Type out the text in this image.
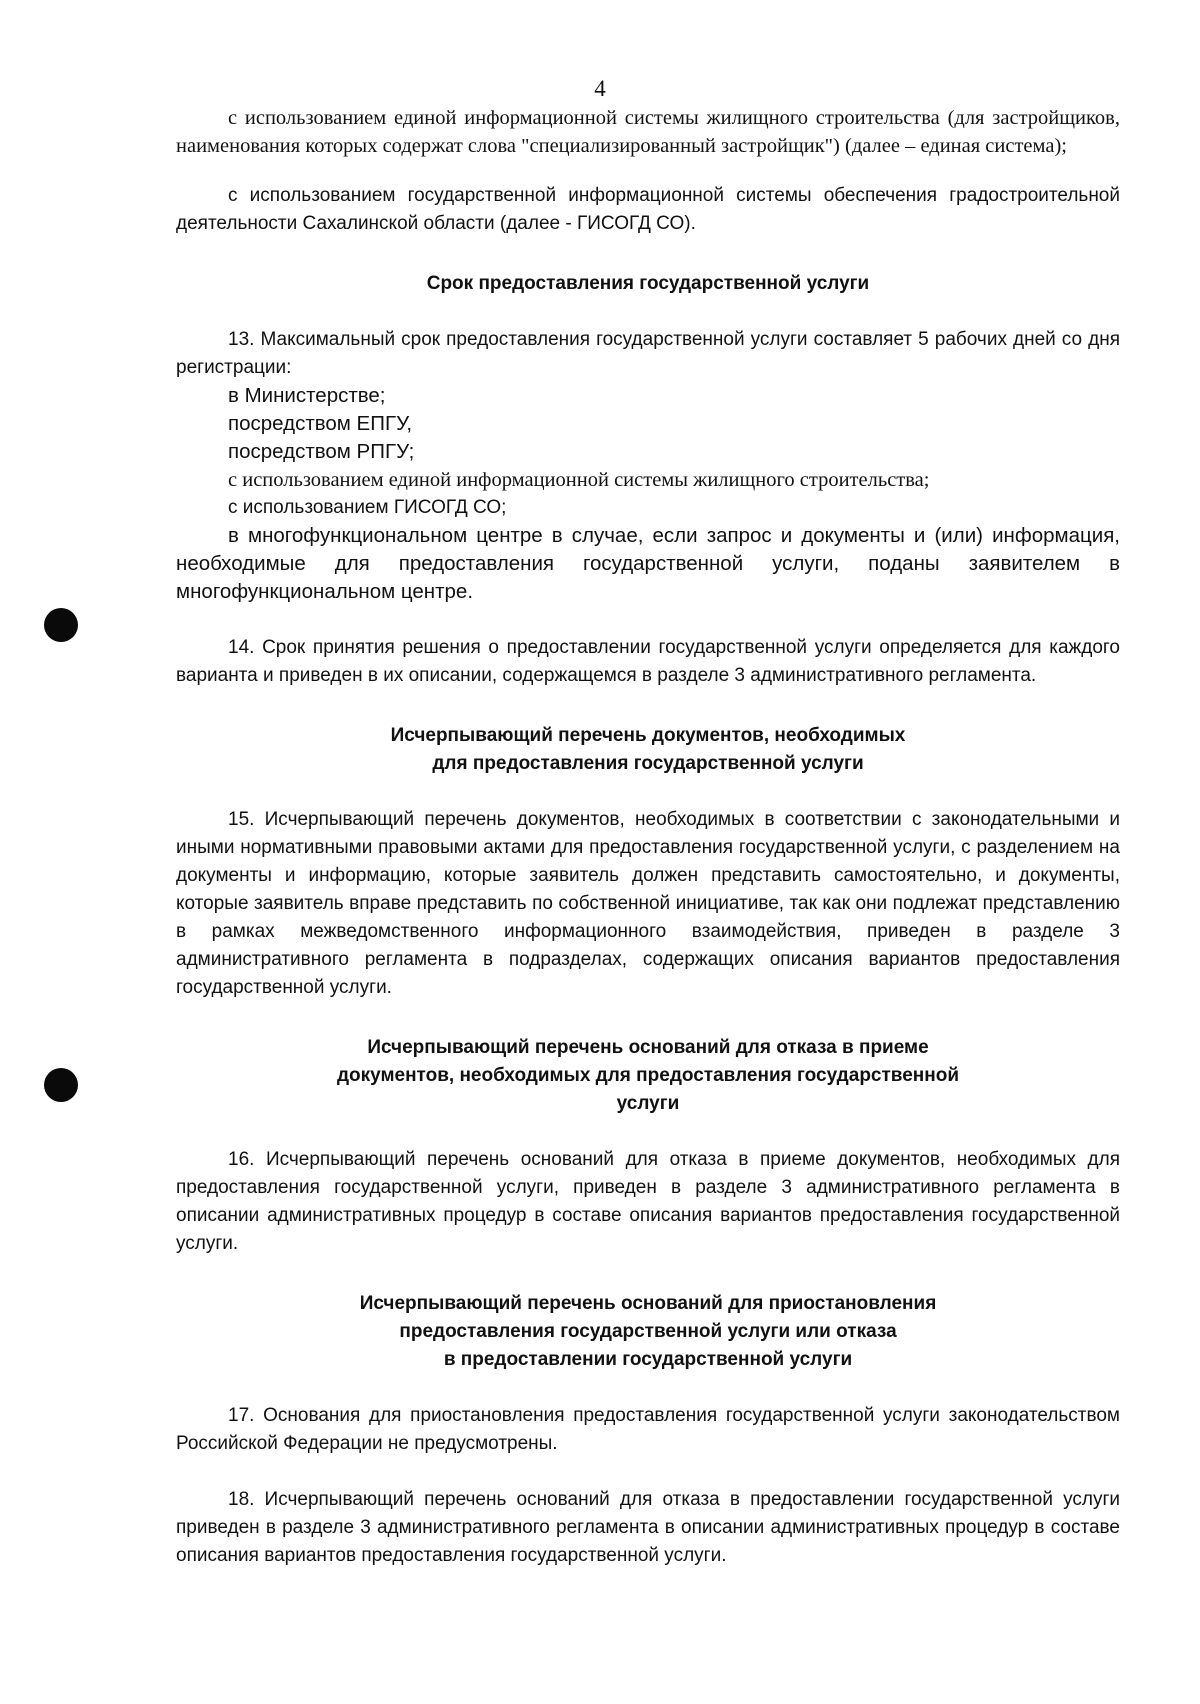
4

с использованием единой информационной системы жилищного строительства (для застройщиков, наименования которых содержат слова "специализированный застройщик") (далее – единая система);

с использованием государственной информационной системы обеспечения градостроительной деятельности Сахалинской области (далее - ГИСОГД СО).

Срок предоставления государственной услуги

13. Максимальный срок предоставления государственной услуги составляет 5 рабочих дней со дня регистрации:

в Министерстве;

посредством ЕПГУ,

посредством РПГУ;

с использованием единой информационной системы жилищного строительства;

с использованием ГИСОГД СО;

в многофункциональном центре в случае, если запрос и документы и (или) информация, необходимые для предоставления государственной услуги, поданы заявителем в многофункциональном центре.

14. Срок принятия решения о предоставлении государственной услуги определяется для каждого варианта и приведен в их описании, содержащемся в разделе 3 административного регламента.

Исчерпывающий перечень документов, необходимых

для предоставления государственной услуги

15. Исчерпывающий перечень документов, необходимых в соответствии с законодательными и иными нормативными правовыми актами для предоставления государственной услуги, с разделением на документы и информацию, которые заявитель должен представить самостоятельно, и документы, которые заявитель вправе представить по собственной инициативе, так как они подлежат представлению в рамках межведомственного информационного взаимодействия, приведен в разделе 3 административного регламента в подразделах, содержащих описания вариантов предоставления государственной услуги.

Исчерпывающий перечень оснований для отказа в приеме

документов, необходимых для предоставления государственной

услуги

16. Исчерпывающий перечень оснований для отказа в приеме документов, необходимых для предоставления государственной услуги, приведен в разделе 3 административного регламента в описании административных процедур в составе описания вариантов предоставления государственной услуги.

Исчерпывающий перечень оснований для приостановления

предоставления государственной услуги или отказа

в предоставлении государственной услуги

17. Основания для приостановления предоставления государственной услуги законодательством Российской Федерации не предусмотрены.

18. Исчерпывающий перечень оснований для отказа в предоставлении государственной услуги приведен в разделе 3 административного регламента в описании административных процедур в составе описания вариантов предоставления государственной услуги.
